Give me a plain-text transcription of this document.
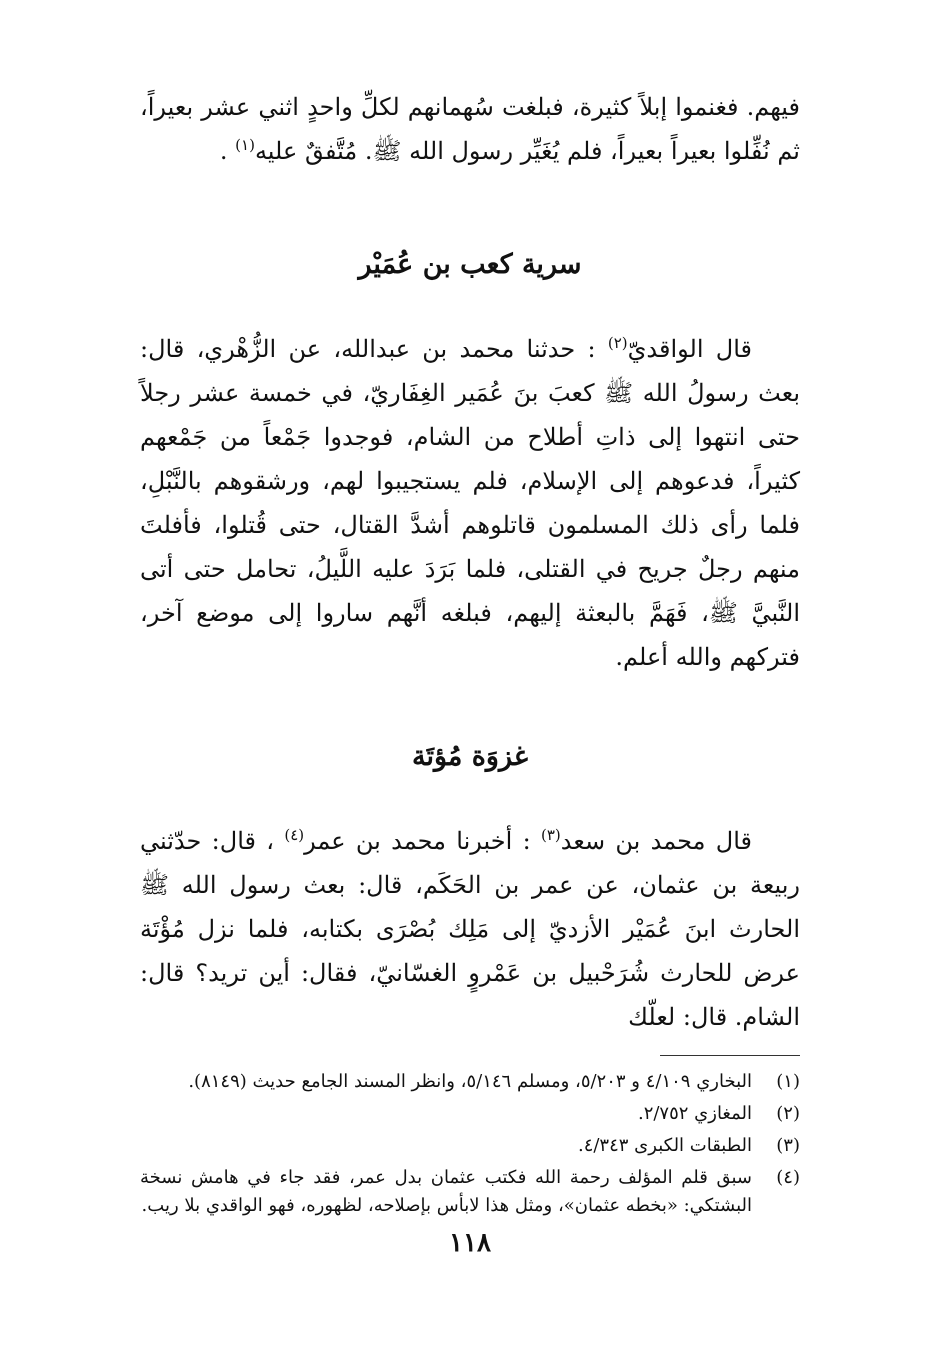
فيهم. فغنموا إبلاً كثيرة، فبلغت سُهمانهم لكلِّ واحدٍ اثني عشر بعيراً، ثم نُفِّلوا بعيراً بعيراً، فلم يُغَيِّر رسول الله ﷺ. مُتَّفقٌ عليه$^{(١)}$ .

سرية كعب بن عُمَيْر

قال الواقديّ$^{(٢)}$ : حدثنا محمد بن عبدالله، عن الزُّهْري، قال: بعث رسولُ الله ﷺ كعبَ بنَ عُمَير الغِفَاريّ، في خمسة عشر رجلاً حتى انتهوا إلى ذاتِ أطلاح من الشام، فوجدوا جَمْعاً من جَمْعهم كثيراً، فدعوهم إلى الإسلام، فلم يستجيبوا لهم، ورشقوهم بالنَّبْلِ، فلما رأى ذلك المسلمون قاتلوهم أشدَّ القتال، حتى قُتلوا، فأفلتَ منهم رجلٌ جريح في القتلى، فلما بَرَدَ عليه اللَّيلُ، تحامل حتى أتى النَّبيَّ ﷺ، فَهَمَّ بالبعثة إليهم، فبلغه أنَّهم ساروا إلى موضع آخر، فتركهم والله أعلم.

غزوَة مُؤتَة

قال محمد بن سعد$^{(٣)}$ : أخبرنا محمد بن عمر$^{(٤)}$ ، قال: حدّثني ربيعة بن عثمان، عن عمر بن الحَكَم، قال: بعث رسول الله ﷺ الحارث ابنَ عُمَيْر الأزديّ إلى مَلِك بُصْرَى بكتابه، فلما نزل مُؤْتَة عرض للحارث شُرَحْبيل بن عَمْروٍ الغسّانيّ، فقال: أين تريد؟ قال: الشام. قال: لعلّك

(١)
البخاري ٤/١٠٩ و ٥/٢٠٣، ومسلم ٥/١٤٦، وانظر المسند الجامع حديث (٨١٤٩).
(٢)
المغازي ٢/٧٥٢.
(٣)
الطبقات الكبرى ٤/٣٤٣.
(٤)
سبق قلم المؤلف رحمة الله فكتب عثمان بدل عمر، فقد جاء في هامش نسخة البشتكي: «بخطه عثمان»، ومثل هذا لابأس بإصلاحه، لظهوره، فهو الواقدي بلا ريب.
١١٨
